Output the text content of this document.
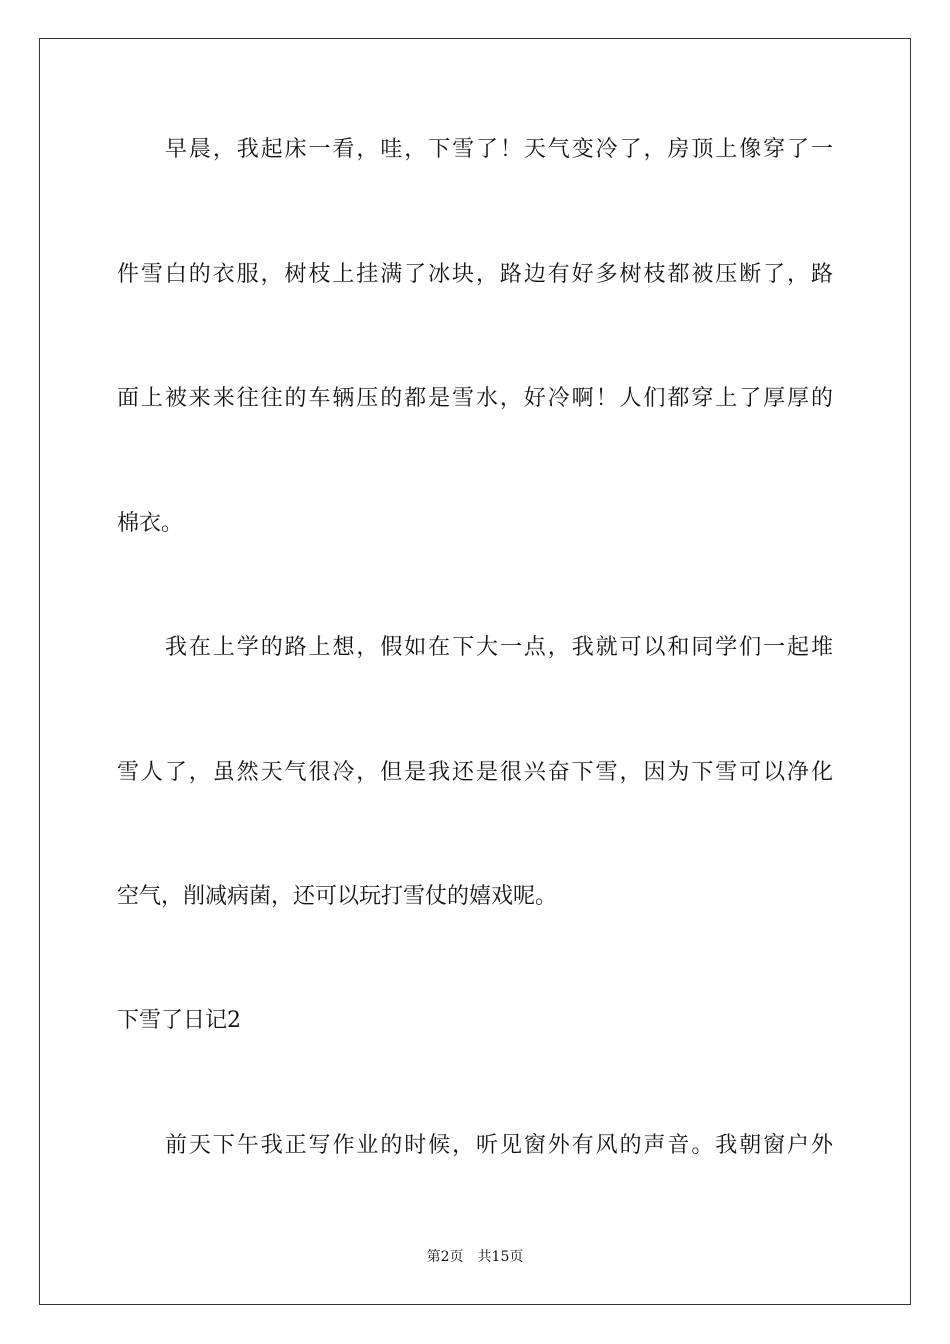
早晨，我起床一看，哇，下雪了！天气变冷了，房顶上像穿了一

件雪白的衣服，树枝上挂满了冰块，路边有好多树枝都被压断了，路

面上被来来往往的车辆压的都是雪水，好冷啊！人们都穿上了厚厚的

棉衣。

我在上学的路上想，假如在下大一点，我就可以和同学们一起堆

雪人了，虽然天气很冷，但是我还是很兴奋下雪，因为下雪可以净化

空气，削减病菌，还可以玩打雪仗的嬉戏呢。

下雪了日记2

前天下午我正写作业的时候，听见窗外有风的声音。我朝窗户外

第2页 共15页
